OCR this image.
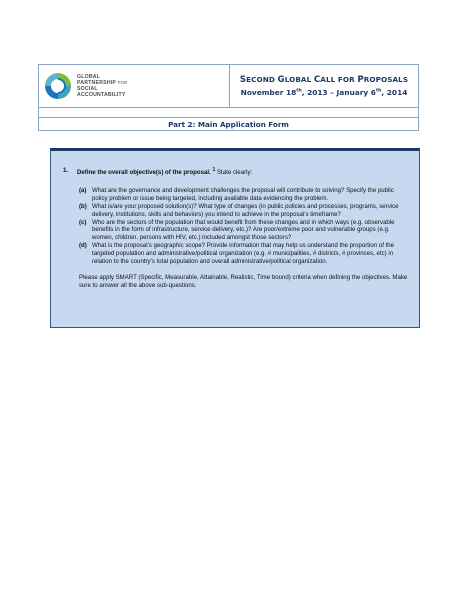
GLOBAL
PARTNERSHIP FOR
SOCIAL
ACCOUNTABILITY
SECOND GLOBAL CALL FOR PROPOSALS
November 18th, 2013 – January 6th, 2014
Part 2: Main Application Form
1.	Define the overall objective(s) of the proposal. $^1$ State clearly:
(a) What are the governance and development challenges the proposal will contribute to solving? Specify the public policy problem or issue being targeted, including available data evidencing the problem.
(b) What is/are your proposed solution(s)? What type of changes (in public policies and processes, programs, service delivery, institutions, skills and behaviors) you intend to achieve in the proposal’s timeframe?
(c) Who are the sectors of the population that would benefit from these changes and in which ways (e.g. observable benefits in the form of infrastructure, service delivery, etc.)? Are poor/extreme poor and vulnerable groups (e.g. women, children, persons with HIV, etc.) included amongst those sectors?
(d) What is the proposal’s geographic scope? Provide information that may help us understand the proportion of the targeted population and administrative/political organization (e.g. # municipalities, # districts, # provinces, etc) in relation to the country’s total population and overall administrative/political organization.
Please apply SMART (Specific, Measurable, Attainable, Realistic, Time bound) criteria when defining the objectives. Make sure to answer all the above sub-questions.
